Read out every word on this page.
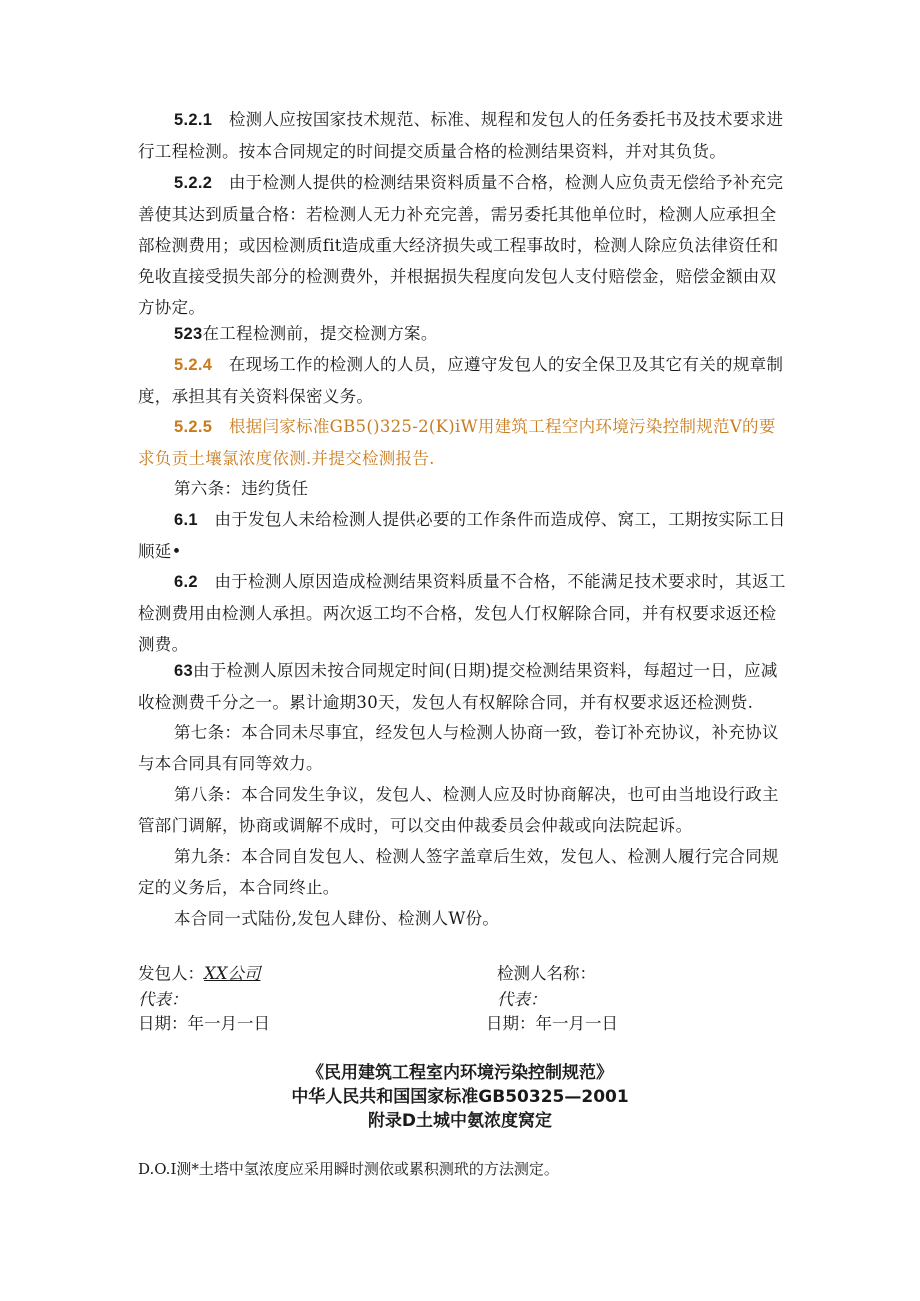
5.2.1 检测人应按国家技术规范、标准、规程和发包人的任务委托书及技术要求进行工程检测。按本合同规定的时间提交质量合格的检测结果资料，并对其负货。

5.2.2 由于检测人提供的检测结果资料质量不合格，检测人应负责无偿给予补充完善使其达到质量合格：若检测人无力补充完善，需另委托其他单位时，检测人应承担全部检测费用；或因检测质fit造成重大经济损失或工程事故时，检测人除应负法律资任和免收直接受损失部分的检测费外，并根据损失程度向发包人支付赔偿金，赔偿金额由双方协定。

523在工程检测前，提交检测方案。

5.2.4 在现场工作的检测人的人员，应遵守发包人的安全保卫及其它有关的规章制度，承担其有关资料保密义务。

5.2.5 根据闫家标准GB5()325-2(K)iW用建筑工程空内环境污染控制规范V的要求负贡土壤氯浓度依测.并提交检测报告.

第六条：违约货任

6.1 由于发包人未给检测人提供必要的工作条件而造成停、窝工，工期按实际工日顺延•

6.2 由于检测人原因造成检测结果资料质量不合格，不能满足技术要求时，其返工检测费用由检测人承担。两次返工均不合格，发包人仃权解除合同，并有权要求返还检测费。

63由于检测人原因未按合同规定时间(日期)提交检测结果资料，每超过一日，应减收检测费千分之一。累计逾期30天，发包人有权解除合同，并有权要求返还检测赀.

第七条：本合同未尽事宜，经发包人与检测人协商一致，卷订补充协议，补充协议与本合同具有同等效力。

第八条：本合同发生争议，发包人、检测人应及时协商解决，也可由当地设行政主管部门调解，协商或调解不成时，可以交由仲裁委员会仲裁或向法院起诉。

第九条：本合同自发包人、检测人签字盖章后生效，发包人、检测人履行完合同规定的义务后，本合同终止。

本合同一式陆份,发包人肆份、检测人W份。

发包人：XX公司	检测人名称：

代表：	代表：

日期：年一月一日	日期：年一月一日

《民用建筑工程室内环境污染控制规范》

中华人民共和国国家标准GB50325—2001

附录D土城中氨浓度窝定

D.O.I测*土塔中氢浓度应采用瞬时测依或累积测玳的方法测定。
